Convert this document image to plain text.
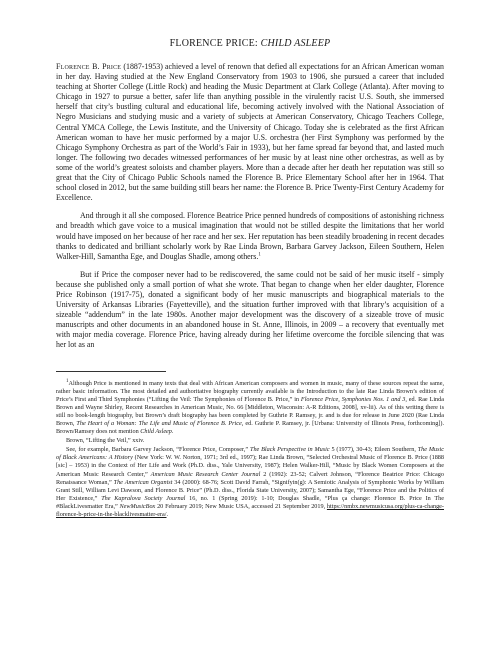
FLORENCE PRICE: CHILD ASLEEP

Florence B. Price (1887-1953) achieved a level of renown that defied all expectations for an African American woman in her day. Having studied at the New England Conservatory from 1903 to 1906, she pursued a career that included teaching at Shorter College (Little Rock) and heading the Music Department at Clark College (Atlanta). After moving to Chicago in 1927 to pursue a better, safer life than anything possible in the virulently racist U.S. South, she immersed herself that city’s bustling cultural and educational life, becoming actively involved with the National Association of Negro Musicians and studying music and a variety of subjects at American Conservatory, Chicago Teachers College, Central YMCA College, the Lewis Institute, and the University of Chicago. Today she is celebrated as the first African American woman to have her music performed by a major U.S. orchestra (her First Symphony was performed by the Chicago Symphony Orchestra as part of the World’s Fair in 1933), but her fame spread far beyond that, and lasted much longer. The following two decades witnessed performances of her music by at least nine other orchestras, as well as by some of the world’s greatest soloists and chamber players. More than a decade after her death her reputation was still so great that the City of Chicago Public Schools named the Florence B. Price Elementary School after her in 1964. That school closed in 2012, but the same building still bears her name: the Florence B. Price Twenty-First Century Academy for Excellence.

And through it all she composed. Florence Beatrice Price penned hundreds of compositions of astonishing richness and breadth which gave voice to a musical imagination that would not be stilled despite the limitations that her world would have imposed on her because of her race and her sex. Her reputation has been steadily broadening in recent decades thanks to dedicated and brilliant scholarly work by Rae Linda Brown, Barbara Garvey Jackson, Eileen Southern, Helen Walker-Hill, Samantha Ege, and Douglas Shadle, among others.$^1$

But if Price the composer never had to be rediscovered, the same could not be said of her music itself - simply because she published only a small portion of what she wrote. That began to change when her elder daughter, Florence Price Robinson (1917-75), donated a significant body of her music manuscripts and biographical materials to the University of Arkansas Libraries (Fayetteville), and the situation further improved with that library’s acquisition of a sizeable “addendum” in the late 1980s. Another major development was the discovery of a sizeable trove of music manuscripts and other documents in an abandoned house in St. Anne, Illinois, in 2009 – a recovery that eventually met with major media coverage. Florence Price, having already during her lifetime overcome the forcible silencing that was her lot as an

$^1$Although Price is mentioned in many texts that deal with African American composers and women in music, many of these sources repeat the same, rather basic information. The most detailed and authoritative biography currently available is the Introduction to the late Rae Linda Brown’s edition of Price’s First and Third Symphonies (“Lifting the Veil: The Symphonies of Florence B. Price,” in Florence Price, Symphonies Nos. 1 and 3, ed. Rae Linda Brown and Wayne Shirley, Recent Researches in American Music, No. 66 [Middleton, Wisconsin: A-R Editions, 2008], xv-lii). As of this writing there is still no book-length biography, but Brown’s draft biography has been completed by Guthrie P. Ramsey, jr. and is due for release in June 2020 (Rae Linda Brown, The Heart of a Woman: The Life and Music of Florence B. Price, ed. Guthrie P. Ramsey, jr. [Urbana: University of Illinois Press, forthcoming]). Brown/Ramsey does not mention Child Asleep.

Brown, “Lifting the Veil,” xxiv.

See, for example, Barbara Garvey Jackson, “Florence Price, Composer,” The Black Perspective in Music 5 (1977), 30-43; Eileen Southern, The Music of Black Americans: A History (New York: W. W. Norton, 1971; 3rd ed., 1997); Rae Linda Brown, “Selected Orchestral Music of Florence B. Price (1888 [sic] – 1953) in the Context of Her Life and Work (Ph.D. diss., Yale University, 1987); Helen Walker-Hill, “Music by Black Women Composers at the American Music Research Center,” American Music Research Center Journal 2 (1992): 23-52; Calvert Johnson, “Florence Beatrice Price: Chicago Renaissance Woman,” The American Organist 34 (2000): 68-76; Scott David Farrah, “Signifyin(g): A Semiotic Analysis of Symphonic Works by William Grant Still, William Levi Dawson, and Florence B. Price” (Ph.D. diss., Florida State University, 2007); Samantha Ege, “Florence Price and the Politics of Her Existence,” The Kapralova Society Journal 16, no. 1 (Spring 2019): 1-10; Douglas Shadle, “Plus ça change: Florence B. Price In The #BlackLivesmatter Era,” NewMusicBox 20 February 2019; New Music USA, accessed 21 September 2019, https://nmbx.newmusicusa.org/plus-ca-change-florence-b-price-in-the-blacklivesmatter-era/.
